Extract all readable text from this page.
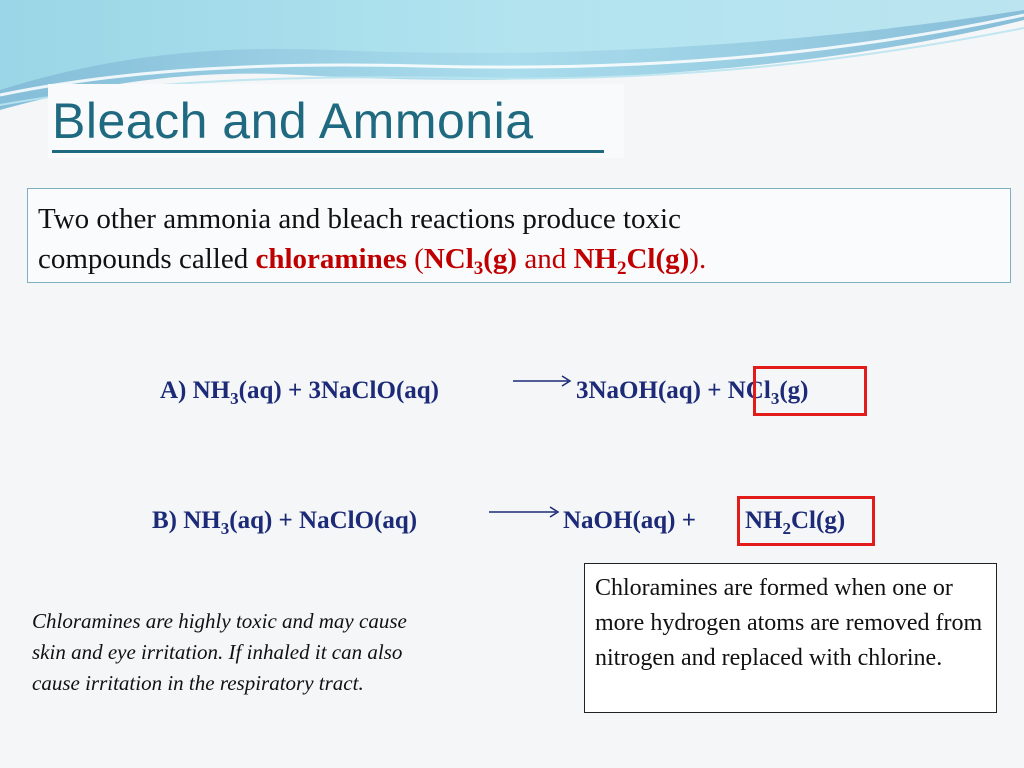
Bleach and Ammonia
Two other ammonia and bleach reactions produce toxic
compounds called chloramines (NCl$_3$(g) and $NH_2Cl(g)$).
A) $NH_3(aq)$ + 3NaClO(aq)	→ 3NaOH(aq) + NCl$_3$(g)
B) $NH_3(aq)$ + NaClO(aq)	NaOH(aq) + $NH_2Cl(g)$
Chloramines are highly toxic and may cause skin and eye irritation. If inhaled it can also cause irritation in the respiratory tract.
Chloramines are formed when one or more hydrogen atoms are removed from nitrogen and replaced with chlorine.
